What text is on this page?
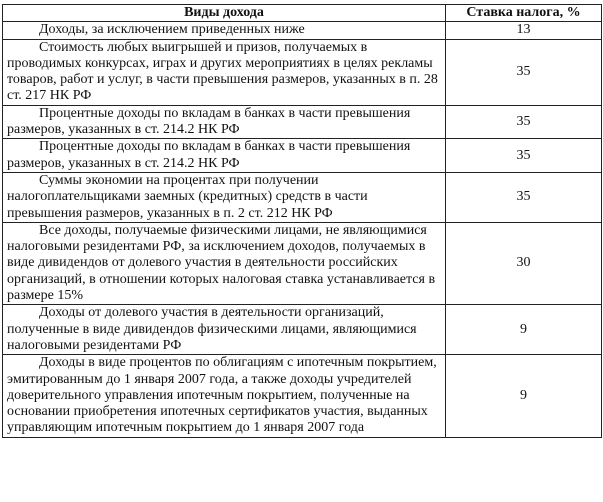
Виды дохода	Ставка налога, %
Доходы, за исключением приведенных ниже	13
Стоимость любых выигрышей и призов, получаемых в проводимых конкурсах, играх и других мероприятиях в целях рекламы товаров, работ и услуг, в части превышения размеров, указанных в п. 28 ст. 217 НК РФ	35
Процентные доходы по вкладам в банках в части превышения размеров, указанных в ст. 214.2 НК РФ	35
Процентные доходы по вкладам в банках в части превышения размеров, указанных в ст. 214.2 НК РФ	35
Суммы экономии на процентах при получении налогоплательщиками заемных (кредитных) средств в части превышения размеров, указанных в п. 2 ст. 212 НК РФ	35
Все доходы, получаемые физическими лицами, не являющимися налоговыми резидентами РФ, за исключением доходов, получаемых в виде дивидендов от долевого участия в деятельности российских организаций, в отношении которых налоговая ставка устанавливается в размере 15%	30
Доходы от долевого участия в деятельности организаций, полученные в виде дивидендов физическими лицами, являющимися налоговыми резидентами РФ	9
Доходы в виде процентов по облигациям с ипотечным покрытием, эмитированным до 1 января 2007 года, а также доходы учредителей доверительного управления ипотечным покрытием, полученные на основании приобретения ипотечных сертификатов участия, выданных управляющим ипотечным покрытием до 1 января 2007 года	9
